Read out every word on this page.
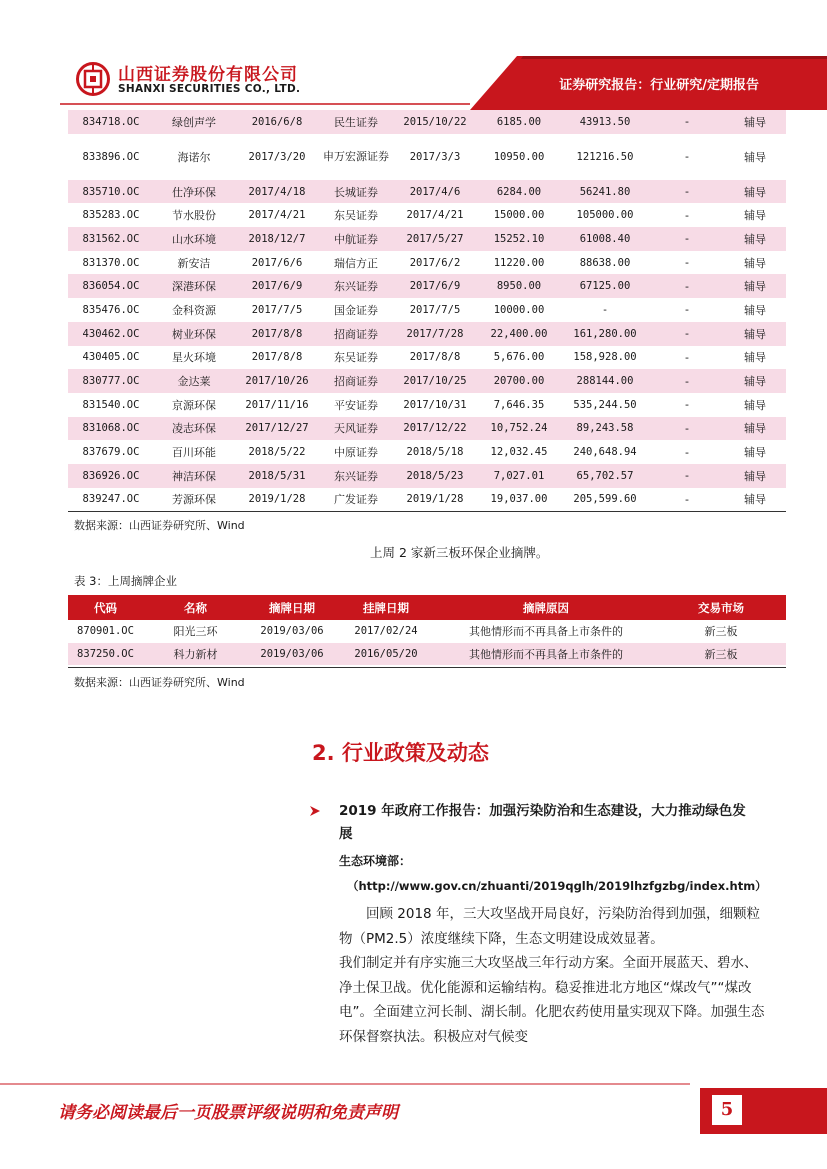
山西证券股份有限公司
SHANXI SECURITIES CO., LTD.	证券研究报告：行业研究/定期报告
834718.OC	绿创声学	2016/6/8	民生证券	2015/10/22	6185.00	43913.50	-	辅导
833896.OC	海诺尔	2017/3/20	申万宏源证券	2017/3/3	10950.00	121216.50	-	辅导
835710.OC	仕净环保	2017/4/18	长城证券	2017/4/6	6284.00	56241.80	-	辅导
835283.OC	节水股份	2017/4/21	东吴证券	2017/4/21	15000.00	105000.00	-	辅导
831562.OC	山水环境	2018/12/7	中航证券	2017/5/27	15252.10	61008.40	-	辅导
831370.OC	新安洁	2017/6/6	瑞信方正	2017/6/2	11220.00	88638.00	-	辅导
836054.OC	深港环保	2017/6/9	东兴证券	2017/6/9	8950.00	67125.00	-	辅导
835476.OC	金科资源	2017/7/5	国金证券	2017/7/5	10000.00	-	-	辅导
430462.OC	树业环保	2017/8/8	招商证券	2017/7/28	22,400.00	161,280.00	-	辅导
430405.OC	星火环境	2017/8/8	东吴证券	2017/8/8	5,676.00	158,928.00	-	辅导
830777.OC	金达莱	2017/10/26	招商证券	2017/10/25	20700.00	288144.00	-	辅导
831540.OC	京源环保	2017/11/16	平安证券	2017/10/31	7,646.35	535,244.50	-	辅导
831068.OC	凌志环保	2017/12/27	天风证券	2017/12/22	10,752.24	89,243.58	-	辅导
837679.OC	百川环能	2018/5/22	中原证券	2018/5/18	12,032.45	240,648.94	-	辅导
836926.OC	神洁环保	2018/5/31	东兴证券	2018/5/23	7,027.01	65,702.57	-	辅导
839247.OC	芳源环保	2019/1/28	广发证券	2019/1/28	19,037.00	205,599.60	-	辅导
数据来源：山西证券研究所、Wind
上周 2 家新三板环保企业摘牌。
表 3：上周摘牌企业
代码	名称	摘牌日期	挂牌日期	摘牌原因	交易市场
870901.OC	阳光三环	2019/03/06	2017/02/24	其他情形而不再具备上市条件的	新三板
837250.OC	科力新材	2019/03/06	2016/05/20	其他情形而不再具备上市条件的	新三板
数据来源：山西证券研究所、Wind
2. 行业政策及动态
2019 年政府工作报告：加强污染防治和生态建设，大力推动绿色发展
生态环境部：
（http://www.gov.cn/zhuanti/2019qglh/2019lhzfgzbg/index.htm）

回顾 2018 年，三大攻坚战开局良好，污染防治得到加强，细颗粒物（PM2.5）浓度继续下降，生态文明建设成效显著。

我们制定并有序实施三大攻坚战三年行动方案。全面开展蓝天、碧水、净土保卫战。优化能源和运输结构。稳妥推进北方地区“煤改气”“煤改电”。全面建立河长制、湖长制。化肥农药使用量实现双下降。加强生态环保督察执法。积极应对气候变

请务必阅读最后一页股票评级说明和免责声明	5
